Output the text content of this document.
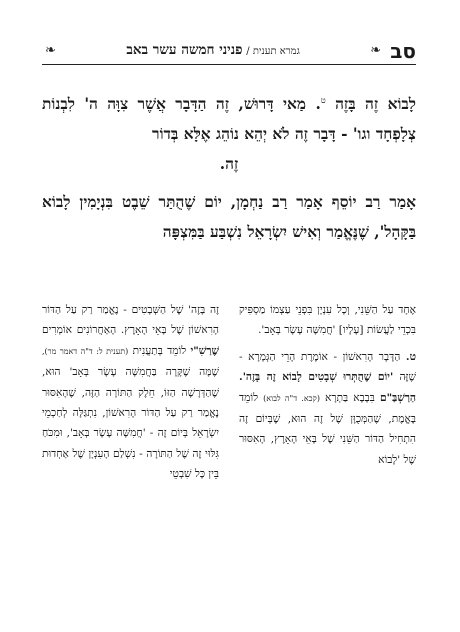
סב
❧
גמרא תענית / פניני חמשה עשר באב
❧

לָבוֹא זֶה בָּזֶה $^ט$. מַאי דָּרוּשׁ, זֶה הַדָּבָר אֲשֶׁר צִוָּה ה' לִבְנוֹת צְלָפְחָד וגו' - דָּבָר זֶה לֹא יְהֵא נוֹהֵג אֶלָּא בְּדוֹר
זֶה.

אָמַר רַב יוֹסֵף אָמַר רַב נַחְמָן, יוֹם שֶׁהֻתַּר שֵׁבֶט בִּנְיָמִין לָבוֹא בַּקָּהָל', שֶׁנֶּאֱמַר וְאִישׁ יִשְׂרָאֵל נִשְׁבַּע בַּמִּצְפָּה

אֶחָד עַל הַשֵּׁנִי, וְכָל עִנְיָן בִּפְנֵי עַצְמוֹ מַסְפִּיק בִּכְדֵי לַעֲשׂוֹת [עָלָיו] 'חֲמִשָּׁה עָשָׂר בְּאָב'.

ט. הַדָּבָר הָרִאשׁוֹן - אוֹמֶרֶת הָרֵי הַגְּמָרָא - שֶׁזֶּה 'יוֹם שֶׁהֻתְּרוּ שְׁבָטִים לָבוֹא זֶה בָּזֶה'. הַרַשְׁבַּ"ם בִּבָבָא בַּתְרָא (קכא. ד"ה לבוא) לוֹמֵד בֶּאֱמֶת, שֶׁהַמְּכֻוָּן שֶׁל זֶה הוּא, שֶׁבְּיוֹם זֶה הִתְחִיל הַדּוֹר הַשֵּׁנִי שֶׁל בָּאֵי הָאָרֶץ, הָאִסּוּר שֶׁל 'לָבוֹא

זֶה בָּזֶה' שֶׁל הַשְּׁבָטִים - נֶאֱמַר רַק עַל הַדּוֹר הָרִאשׁוֹן שֶׁל בָּאֵי הָאָרֶץ. הָאַחֲרוֹנִים אוֹמְרִים שֶׁרַשִׁ"י לוֹמֵד בְּתַעֲנִית (תענית ל: ד"ה דאמר מר), שֶׁמָּה שֶׁקָּרָה בַּחֲמִשָּׁה עָשָׂר בְּאָב' הוּא, שֶׁהַדְּרָשָׁה הַזּוֹ, חֵלֶק הַתּוֹרָה הַזֶּה, שֶׁהָאִסּוּר נֶאֱמַר רַק עַל הַדּוֹר הָרִאשׁוֹן, נִתְגַּלָּה לְחַכְמֵי יִשְׂרָאֵל בְּיוֹם זֶה - 'חֲמִשָּׁה עָשָׂר בְּאָב', וּמִכֹּחַ גִּלּוּי זֶה שֶׁל הַתּוֹרָה - נִשְׁלַם הָעִנְיָן שֶׁל אַחְדוּת בֵּין כָּל שִׁבְטֵי
